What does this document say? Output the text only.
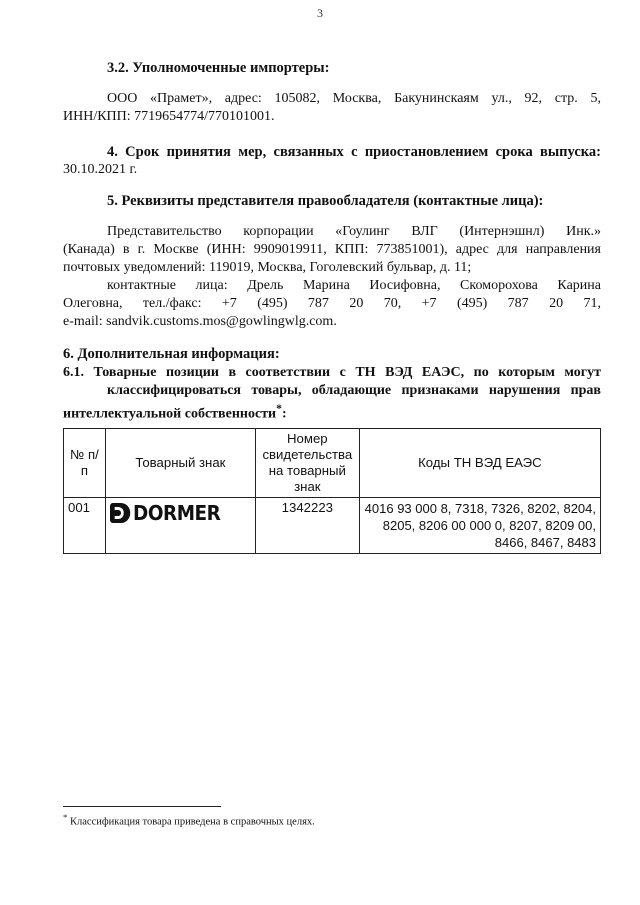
3
3.2. Уполномоченные импортеры:
ООО «Прамет», адрес: 105082, Москва, Бакунинскаям ул., 92, стр. 5,
ИНН/КПП: 7719654774/770101001.
4. Срок принятия мер, связанных с приостановлением срока выпуска:
30.10.2021 г.
5. Реквизиты представителя правообладателя (контактные лица):
Представительство корпорации «Гоулинг ВЛГ (Интернэшнл) Инк.»
(Канада) в г. Москве (ИНН: 9909019911, КПП: 773851001), адрес для направления
почтовых уведомлений: 119019, Москва, Гоголевский бульвар, д. 11;
контактные лица: Дрель Марина Иосифовна, Скоморохова Карина
Олеговна, тел./факс: +7 (495) 787 20 70, +7 (495) 787 20 71,
e-mail: sandvik.customs.mos@gowlingwlg.com.
6. Дополнительная информация:
6.1. Товарные позиции в соответствии с ТН ВЭД ЕАЭС, по которым могут
классифицироваться товары, обладающие признаками нарушения прав
интеллектуальной собственности*:
№ п/п	Товарный знак	Номер свидетельства на товарный знак	Коды ТН ВЭД ЕАЭС
001	DORMER	1342223	4016 93 000 8, 7318, 7326, 8202, 8204, 8205, 8206 00 000 0, 8207, 8209 00, 8466, 8467, 8483
* Классификация товара приведена в справочных целях.
